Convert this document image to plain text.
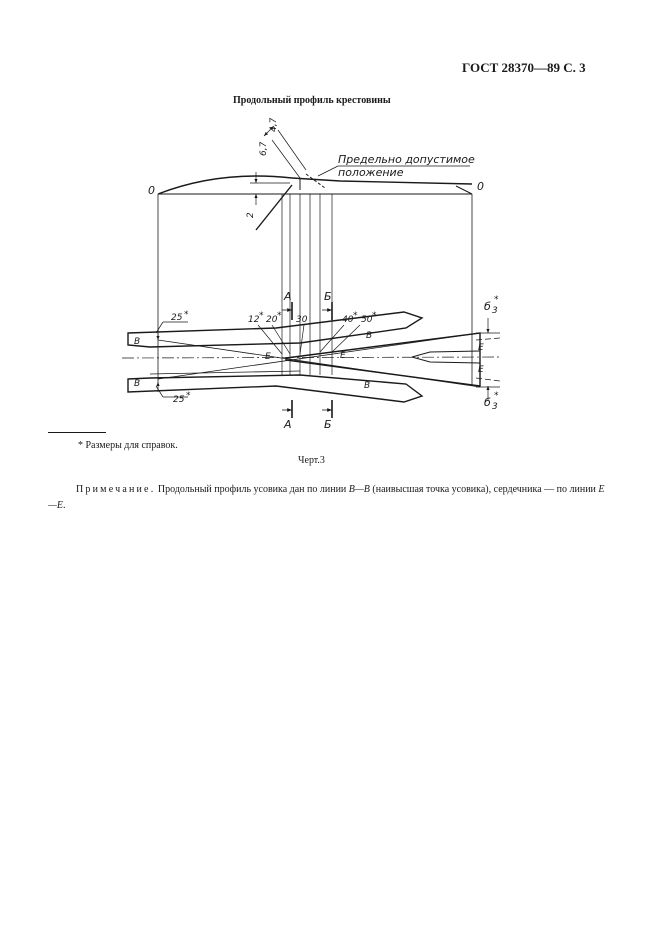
ГОСТ 28370—89 С. 3
Продольный профиль крестовины
0	0
6,7
4,7
2
Предельно допустимое
положение
А	Б
А	Б
25 *
25 *
12 * 20 * 30	40 * 50 *
В
В
В
В
Е	Е
Е
Е
б 3
*
б 3
*
* Размеры для справок.
Черт.3
Примечание. Продольный профиль усовика дан по линии В—В (наивысшая точка усовика), сердечника — по линии Е—Е.
